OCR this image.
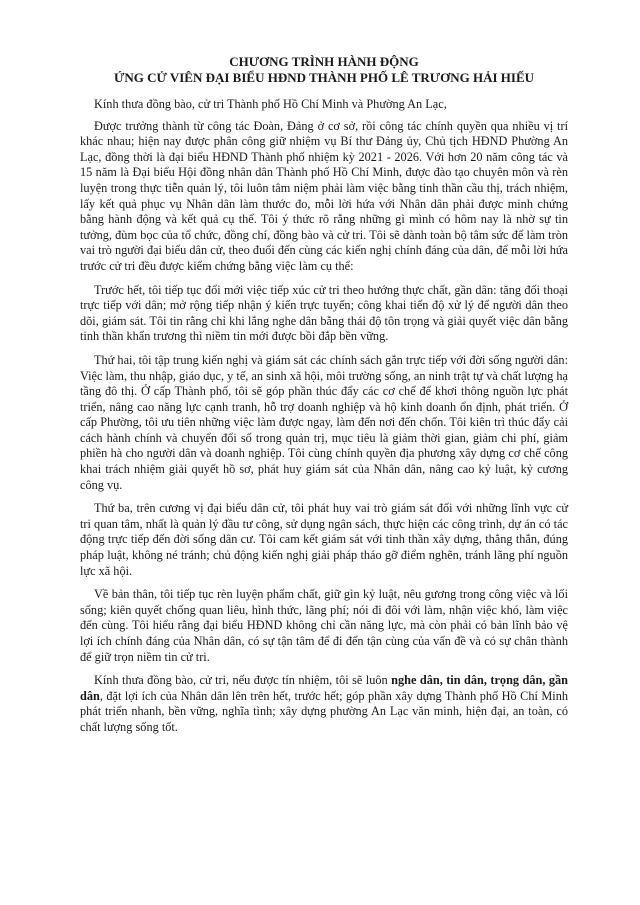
CHƯƠNG TRÌNH HÀNH ĐỘNG
ỨNG CỬ VIÊN ĐẠI BIỂU HĐND THÀNH PHỐ LÊ TRƯƠNG HẢI HIẾU

Kính thưa đồng bào, cử tri Thành phố Hồ Chí Minh và Phường An Lạc,

Được trưởng thành từ công tác Đoàn, Đảng ở cơ sở, rồi công tác chính quyền qua nhiều vị trí khác nhau; hiện nay được phân công giữ nhiệm vụ Bí thư Đảng ủy, Chủ tịch HĐND Phường An Lạc, đồng thời là đại biểu HĐND Thành phố nhiệm kỳ 2021 - 2026. Với hơn 20 năm công tác và 15 năm là Đại biểu Hội đồng nhân dân Thành phố Hồ Chí Minh, được đào tạo chuyên môn và rèn luyện trong thực tiễn quản lý, tôi luôn tâm niệm phải làm việc bằng tinh thần cầu thị, trách nhiệm, lấy kết quả phục vụ Nhân dân làm thước đo, mỗi lời hứa với Nhân dân phải được minh chứng bằng hành động và kết quả cụ thể. Tôi ý thức rõ rằng những gì mình có hôm nay là nhờ sự tin tưởng, đùm bọc của tổ chức, đồng chí, đồng bào và cử tri. Tôi sẽ dành toàn bộ tâm sức để làm tròn vai trò người đại biểu dân cử, theo đuổi đến cùng các kiến nghị chính đáng của dân, để mỗi lời hứa trước cử tri đều được kiểm chứng bằng việc làm cụ thể:

Trước hết, tôi tiếp tục đổi mới việc tiếp xúc cử tri theo hướng thực chất, gần dân: tăng đối thoại trực tiếp với dân; mở rộng tiếp nhận ý kiến trực tuyến; công khai tiến độ xử lý để người dân theo dõi, giám sát. Tôi tin rằng chỉ khi lắng nghe dân bằng thái độ tôn trọng và giải quyết việc dân bằng tinh thần khẩn trương thì niềm tin mới được bồi đắp bền vững.

Thứ hai, tôi tập trung kiến nghị và giám sát các chính sách gắn trực tiếp với đời sống người dân: Việc làm, thu nhập, giáo dục, y tế, an sinh xã hội, môi trường sống, an ninh trật tự và chất lượng hạ tầng đô thị. Ở cấp Thành phố, tôi sẽ góp phần thúc đẩy các cơ chế để khơi thông nguồn lực phát triển, nâng cao năng lực cạnh tranh, hỗ trợ doanh nghiệp và hộ kinh doanh ổn định, phát triển. Ở cấp Phường, tôi ưu tiên những việc làm được ngay, làm đến nơi đến chốn. Tôi kiên trì thúc đẩy cải cách hành chính và chuyển đổi số trong quản trị, mục tiêu là giảm thời gian, giảm chi phí, giảm phiền hà cho người dân và doanh nghiệp. Tôi cùng chính quyền địa phương xây dựng cơ chế công khai trách nhiệm giải quyết hồ sơ, phát huy giám sát của Nhân dân, nâng cao kỷ luật, kỷ cương công vụ.

Thứ ba, trên cương vị đại biểu dân cử, tôi phát huy vai trò giám sát đối với những lĩnh vực cử tri quan tâm, nhất là quản lý đầu tư công, sử dụng ngân sách, thực hiện các công trình, dự án có tác động trực tiếp đến đời sống dân cư. Tôi cam kết giám sát với tinh thần xây dựng, thẳng thắn, đúng pháp luật, không né tránh; chủ động kiến nghị giải pháp tháo gỡ điểm nghẽn, tránh lãng phí nguồn lực xã hội.

Về bản thân, tôi tiếp tục rèn luyện phẩm chất, giữ gìn kỷ luật, nêu gương trong công việc và lối sống; kiên quyết chống quan liêu, hình thức, lãng phí; nói đi đôi với làm, nhận việc khó, làm việc đến cùng. Tôi hiểu rằng đại biểu HĐND không chỉ cần năng lực, mà còn phải có bản lĩnh bảo vệ lợi ích chính đáng của Nhân dân, có sự tận tâm để đi đến tận cùng của vấn đề và có sự chân thành để giữ trọn niềm tin cử tri.

Kính thưa đồng bào, cử tri, nếu được tín nhiệm, tôi sẽ luôn nghe dân, tin dân, trọng dân, gần dân, đặt lợi ích của Nhân dân lên trên hết, trước hết; góp phần xây dựng Thành phố Hồ Chí Minh phát triển nhanh, bền vững, nghĩa tình; xây dựng phường An Lạc văn minh, hiện đại, an toàn, có chất lượng sống tốt.
